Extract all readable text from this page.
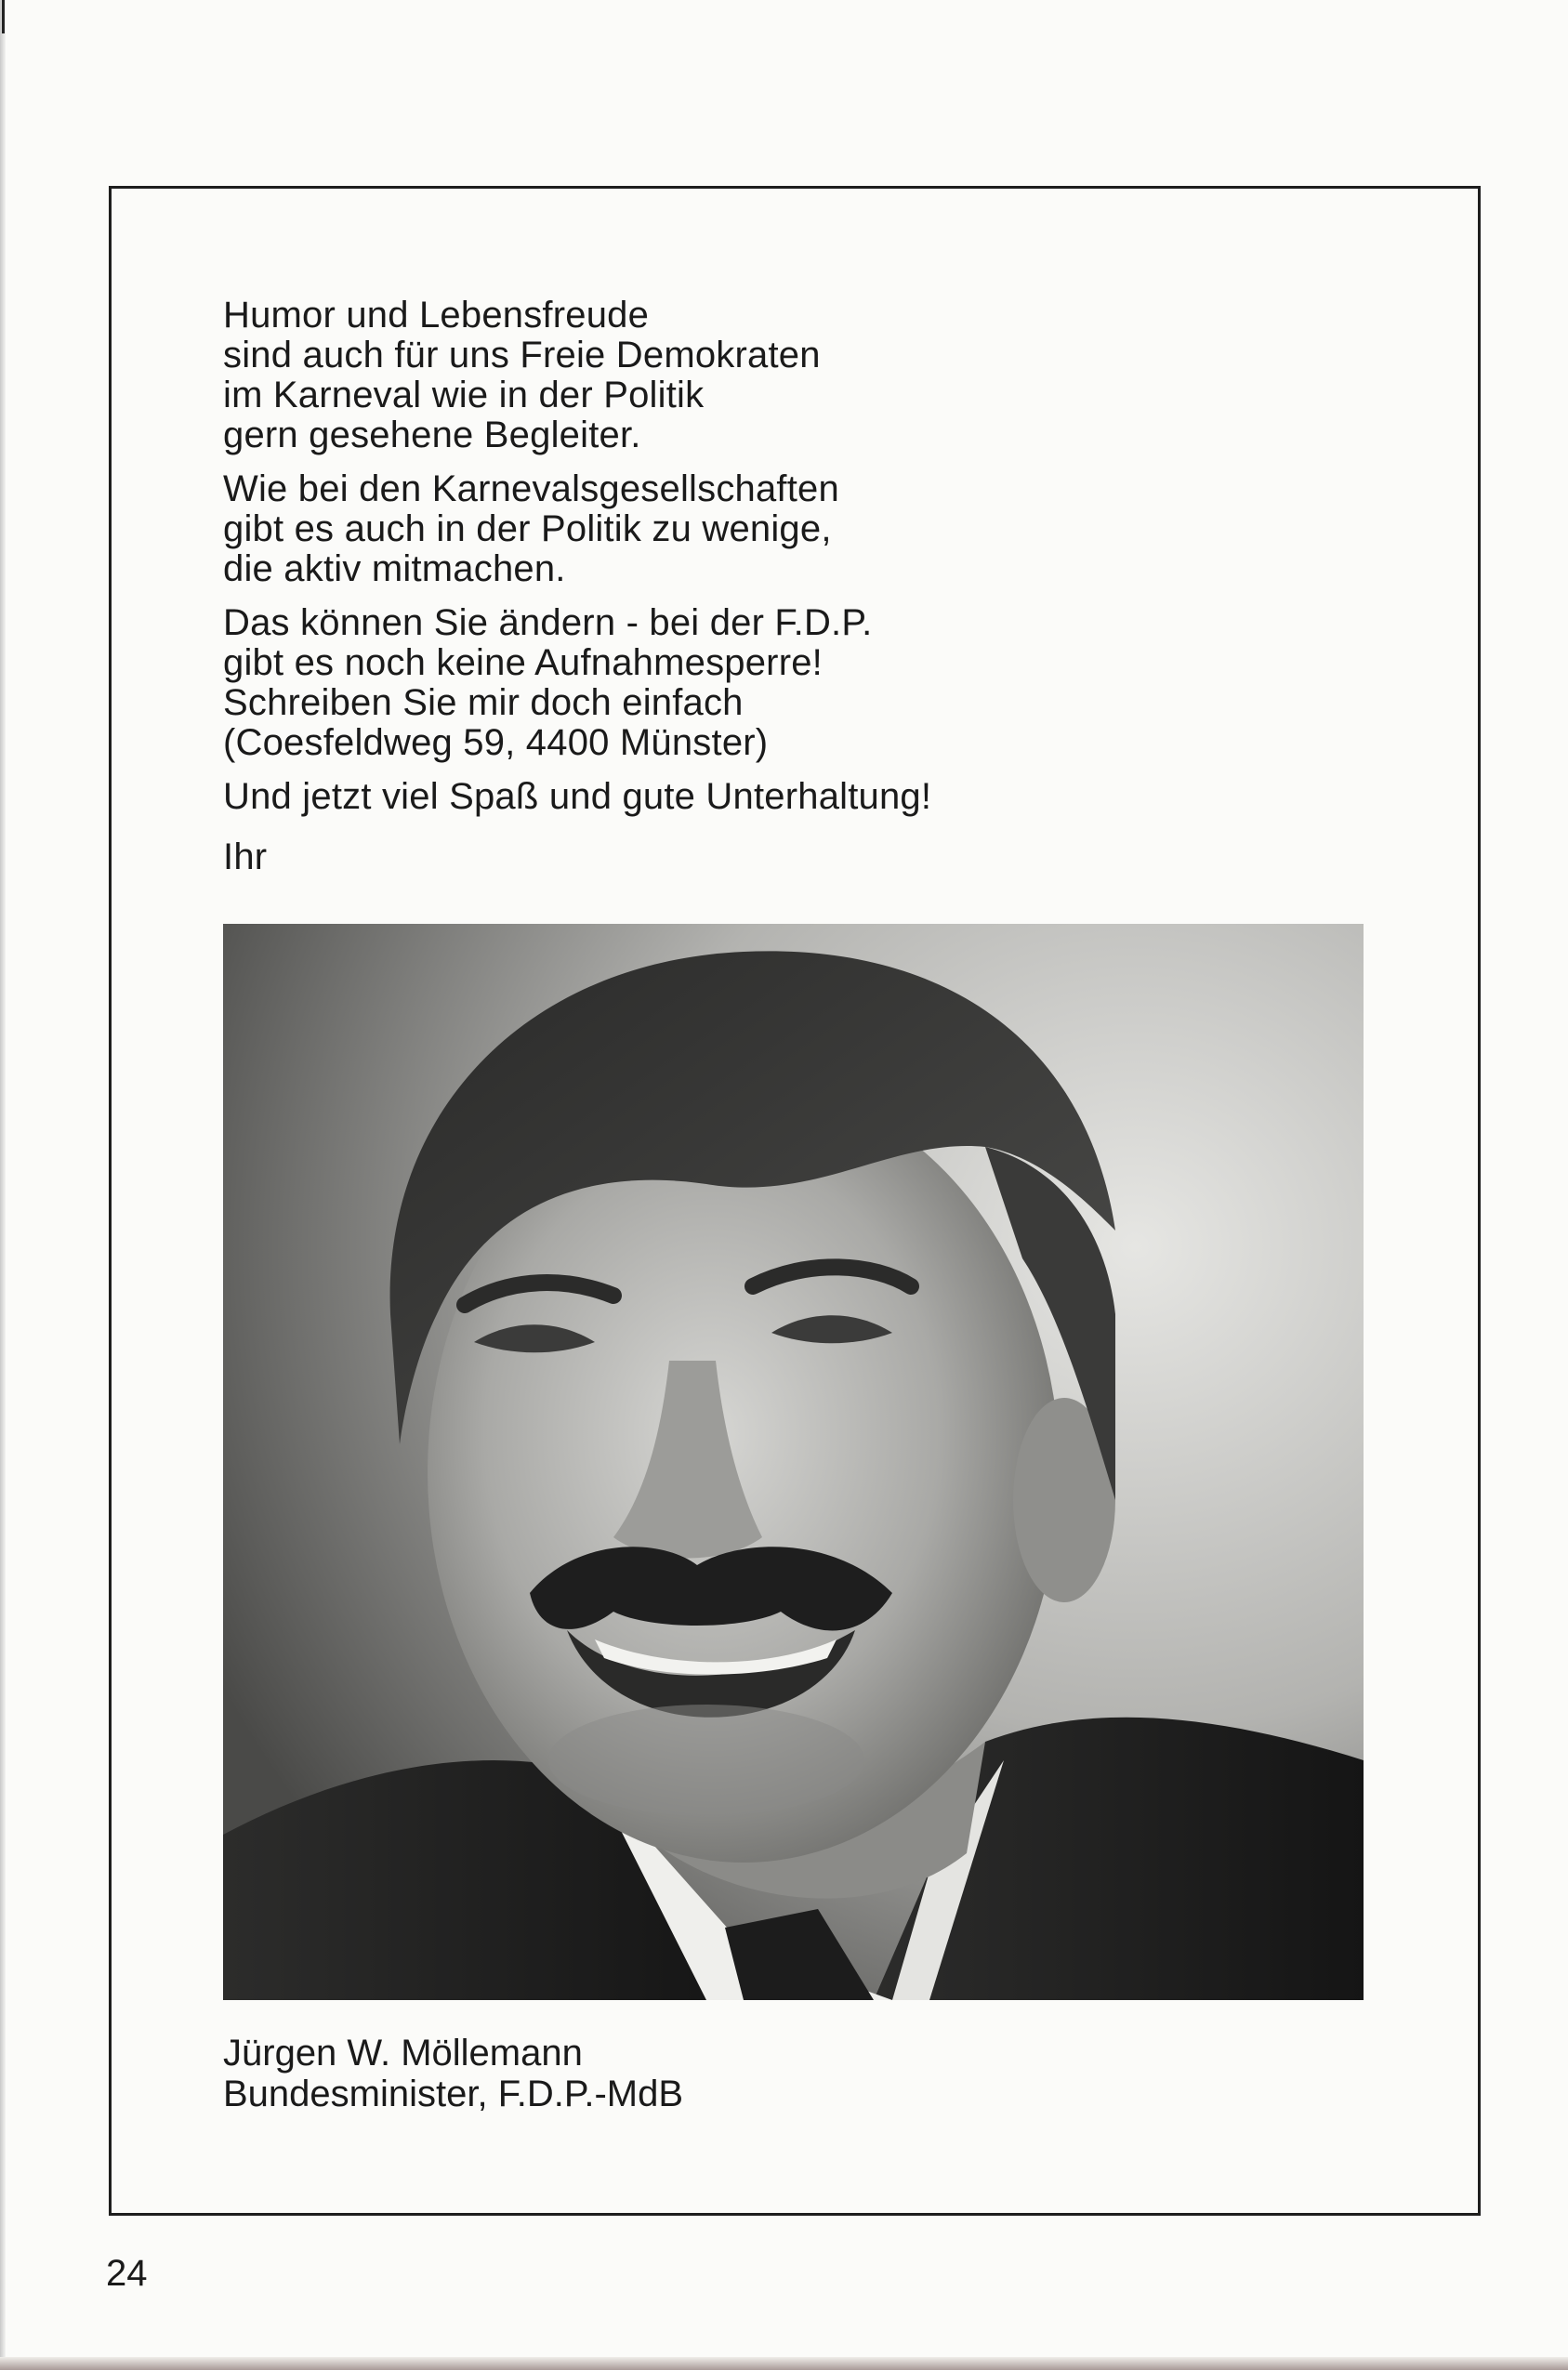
Humor und Lebensfreude
sind auch für uns Freie Demokraten
im Karneval wie in der Politik
gern gesehene Begleiter.

Wie bei den Karnevalsgesellschaften
gibt es auch in der Politik zu wenige,
die aktiv mitmachen.

Das können Sie ändern - bei der F.D.P.
gibt es noch keine Aufnahmesperre!
Schreiben Sie mir doch einfach
(Coesfeldweg 59, 4400 Münster)

Und jetzt viel Spaß und gute Unterhaltung!

Ihr

Jürgen W. Möllemann
Bundesminister, F.D.P.-MdB
24
